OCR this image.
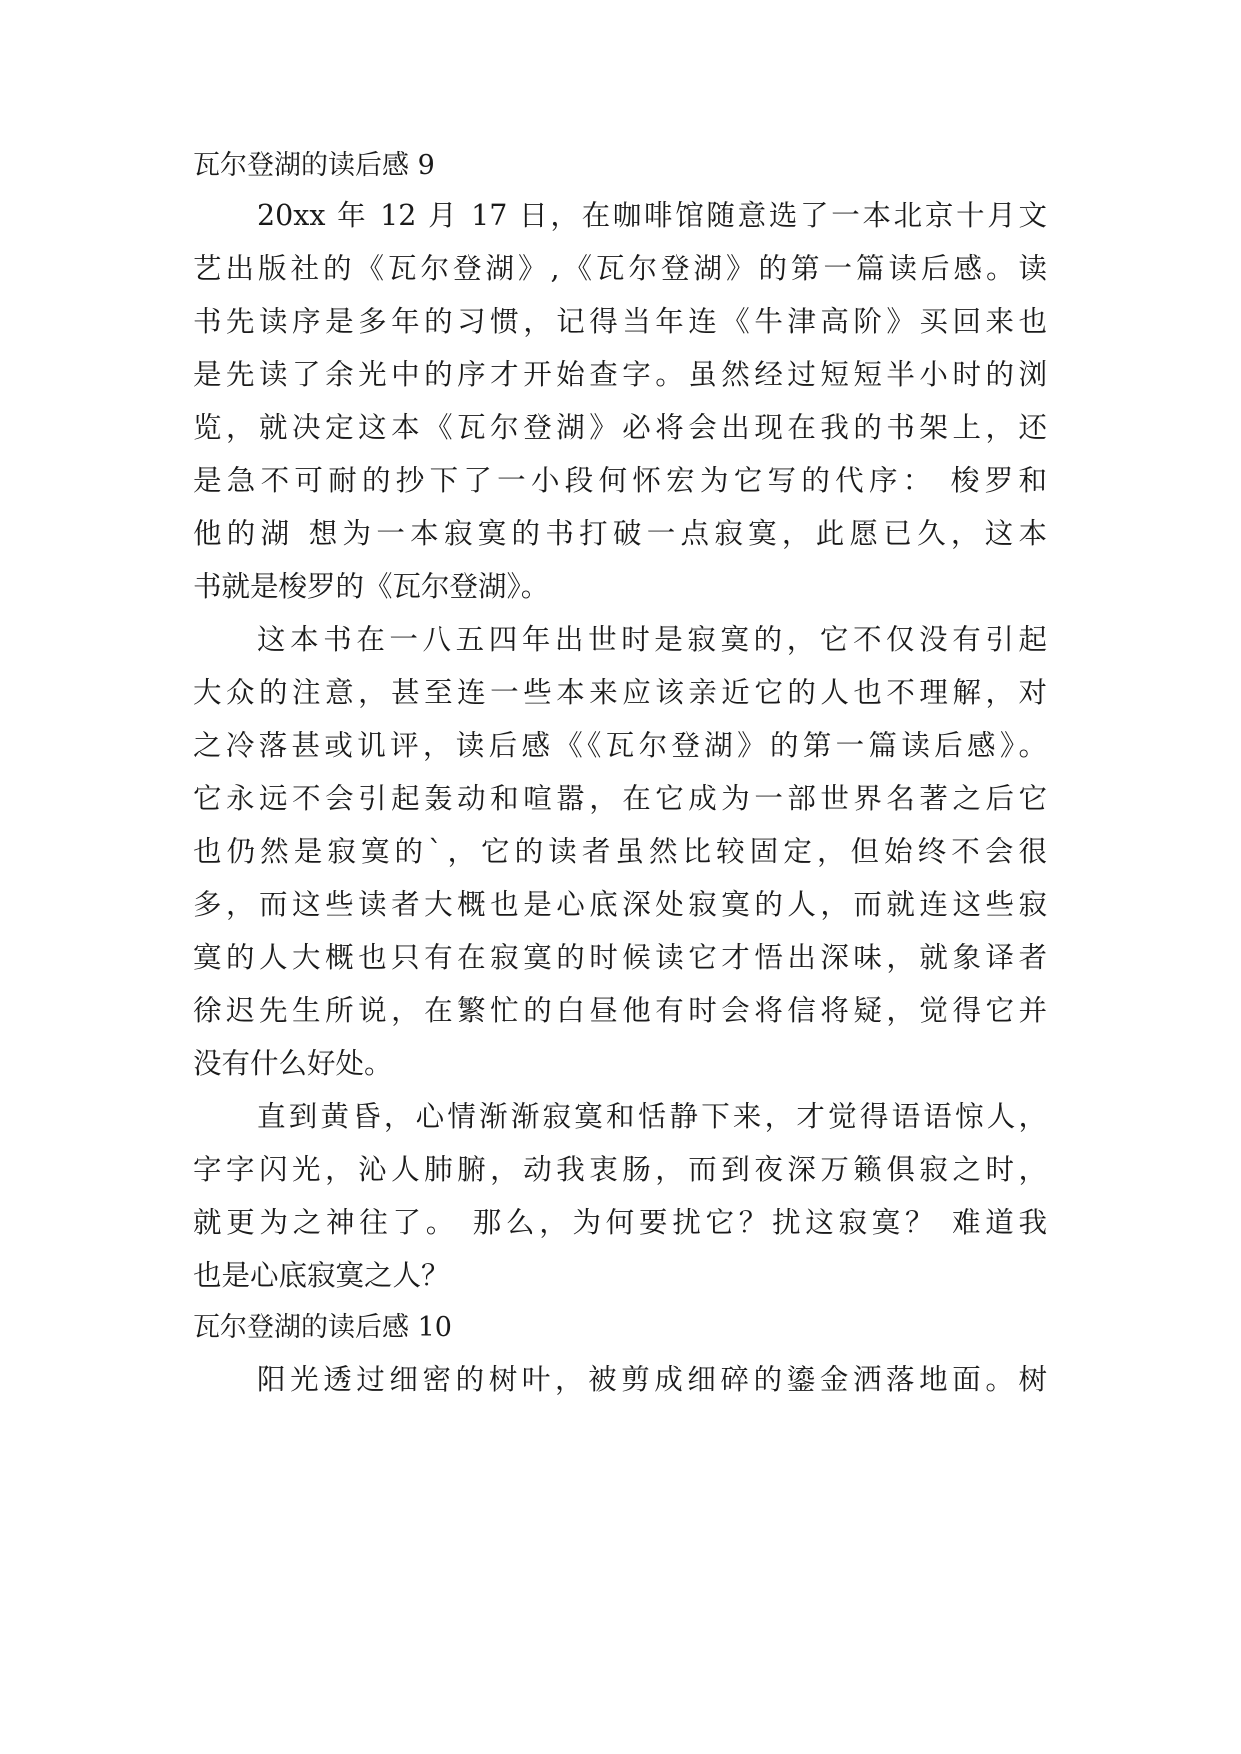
瓦尔登湖的读后感 9
20xx 年 12 月 17 日，在咖啡馆随意选了一本北京十月文
艺出版社的《瓦尔登湖》,《瓦尔登湖》的第一篇读后感。读
书先读序是多年的习惯，记得当年连《牛津高阶》买回来也
是先读了余光中的序才开始查字。虽然经过短短半小时的浏
览，就决定这本《瓦尔登湖》必将会出现在我的书架上，还
是急不可耐的抄下了一小段何怀宏为它写的代序： 梭罗和
他的湖 想为一本寂寞的书打破一点寂寞，此愿已久，这本
书就是梭罗的《瓦尔登湖》。
这本书在一八五四年出世时是寂寞的，它不仅没有引起
大众的注意，甚至连一些本来应该亲近它的人也不理解，对
之冷落甚或讥评，读后感《《瓦尔登湖》的第一篇读后感》。
它永远不会引起轰动和喧嚣，在它成为一部世界名著之后它
也仍然是寂寞的`，它的读者虽然比较固定，但始终不会很
多，而这些读者大概也是心底深处寂寞的人，而就连这些寂
寞的人大概也只有在寂寞的时候读它才悟出深味，就象译者
徐迟先生所说，在繁忙的白昼他有时会将信将疑，觉得它并
没有什么好处。
直到黄昏，心情渐渐寂寞和恬静下来，才觉得语语惊人，
字字闪光，沁人肺腑，动我衷肠，而到夜深万籁俱寂之时，
就更为之神往了。 那么，为何要扰它？扰这寂寞？ 难道我
也是心底寂寞之人？
瓦尔登湖的读后感 10
阳光透过细密的树叶，被剪成细碎的鎏金洒落地面。树
